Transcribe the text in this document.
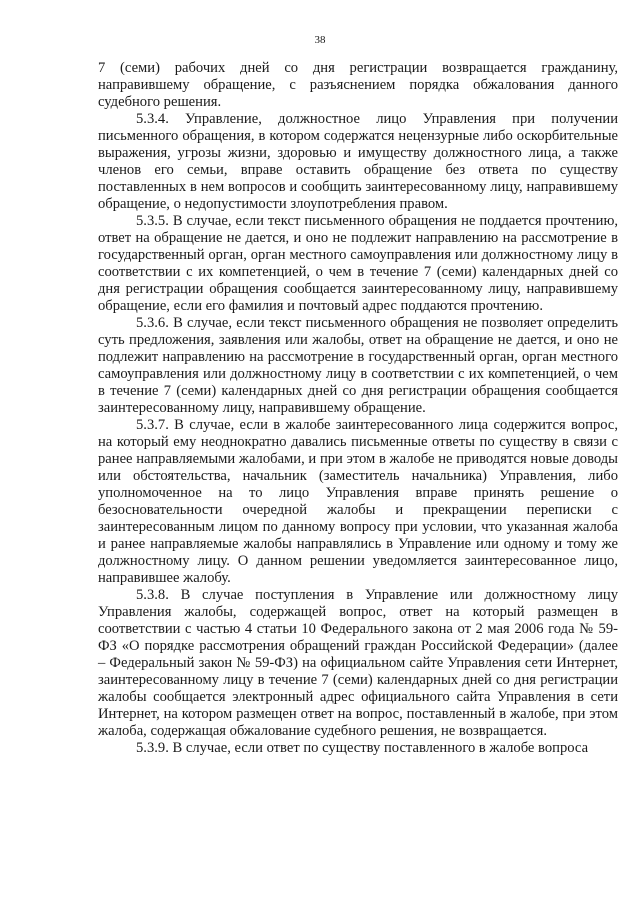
38

7 (семи) рабочих дней со дня регистрации возвращается гражданину, направившему обращение, с разъяснением порядка обжалования данного судебного решения.

5.3.4. Управление, должностное лицо Управления при получении письменного обращения, в котором содержатся нецензурные либо оскорбительные выражения, угрозы жизни, здоровью и имуществу должностного лица, а также членов его семьи, вправе оставить обращение без ответа по существу поставленных в нем вопросов и сообщить заинтересованному лицу, направившему обращение, о недопустимости злоупотребления правом.

5.3.5. В случае, если текст письменного обращения не поддается прочтению, ответ на обращение не дается, и оно не подлежит направлению на рассмотрение в государственный орган, орган местного самоуправления или должностному лицу в соответствии с их компетенцией, о чем в течение 7 (семи) календарных дней со дня регистрации обращения сообщается заинтересованному лицу, направившему обращение, если его фамилия и почтовый адрес поддаются прочтению.

5.3.6. В случае, если текст письменного обращения не позволяет определить суть предложения, заявления или жалобы, ответ на обращение не дается, и оно не подлежит направлению на рассмотрение в государственный орган, орган местного самоуправления или должностному лицу в соответствии с их компетенцией, о чем в течение 7 (семи) календарных дней со дня регистрации обращения сообщается заинтересованному лицу, направившему обращение.

5.3.7. В случае, если в жалобе заинтересованного лица содержится вопрос, на который ему неоднократно давались письменные ответы по существу в связи с ранее направляемыми жалобами, и при этом в жалобе не приводятся новые доводы или обстоятельства, начальник (заместитель начальника) Управления, либо уполномоченное на то лицо Управления вправе принять решение о безосновательности очередной жалобы и прекращении переписки с заинтересованным лицом по данному вопросу при условии, что указанная жалоба и ранее направляемые жалобы направлялись в Управление или одному и тому же должностному лицу. О данном решении уведомляется заинтересованное лицо, направившее жалобу.

5.3.8. В случае поступления в Управление или должностному лицу Управления жалобы, содержащей вопрос, ответ на который размещен в соответствии с частью 4 статьи 10 Федерального закона от 2 мая 2006 года № 59-ФЗ «О порядке рассмотрения обращений граждан Российской Федерации» (далее – Федеральный закон № 59-ФЗ) на официальном сайте Управления сети Интернет, заинтересованному лицу в течение 7 (семи) календарных дней со дня регистрации жалобы сообщается электронный адрес официального сайта Управления в сети Интернет, на котором размещен ответ на вопрос, поставленный в жалобе, при этом жалоба, содержащая обжалование судебного решения, не возвращается.

5.3.9. В случае, если ответ по существу поставленного в жалобе вопроса
